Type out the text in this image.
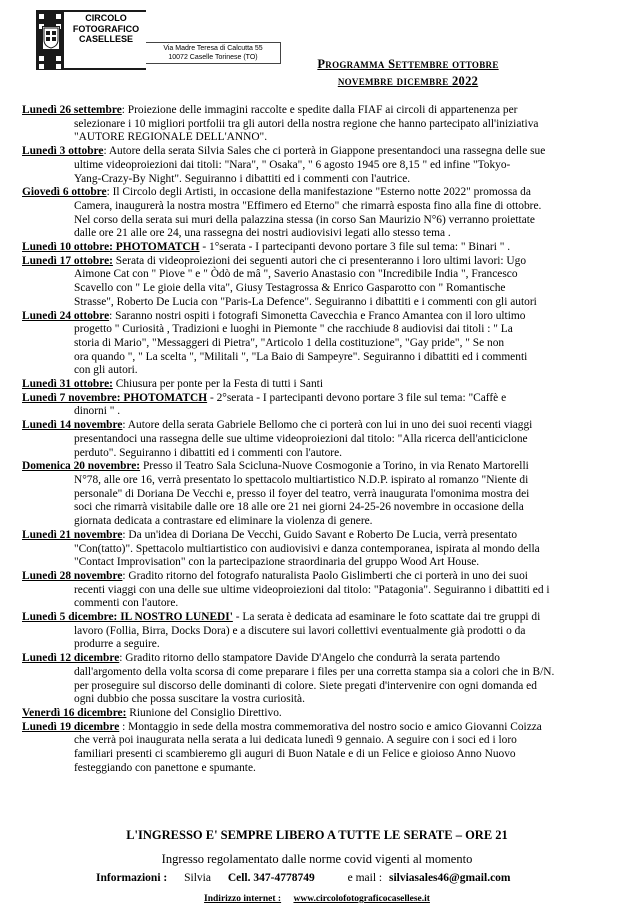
CIRCOLO
FOTOGRAFICO
CASELLESE
Via Madre Teresa di Calcutta 55
10072 Caselle Torinese (TO)	Programma Settembre ottobre
novembre dicembre 2022
Lunedì 26 settembre: Proiezione delle immagini raccolte e spedite dalla FIAF ai circoli di appartenenza per
selezionare i 10 migliori portfolii tra gli autori della nostra regione che hanno partecipato all'iniziativa
"AUTORE REGIONALE DELL'ANNO".
Lunedì 3 ottobre: Autore della serata Silvia Sales che ci porterà in Giappone presentandoci una rassegna delle sue
ultime videoproiezioni dai titoli: "Nara", " Osaka", " 6 agosto 1945 ore 8,15 " ed infine "Tokyo-
Yang-Crazy-By Night". Seguiranno i dibattiti ed i commenti con l'autrice.
Giovedì 6 ottobre: Il Circolo degli Artisti, in occasione della manifestazione "Esterno notte 2022" promossa da
Camera, inaugurerà la nostra mostra "Effimero ed Eterno" che rimarrà esposta fino alla fine di ottobre.
Nel corso della serata sui muri della palazzina stessa (in corso San Maurizio N°6) verranno proiettate
dalle ore 21 alle ore 24, una rassegna dei nostri audiovisivi legati allo stesso tema .
Lunedì 10 ottobre: PHOTOMATCH - 1°serata - I partecipanti devono portare 3 file sul tema: " Binari " .
Lunedì 17 ottobre: Serata di videoproiezioni dei seguenti autori che ci presenteranno i loro ultimi lavori: Ugo
Aimone Cat con " Piove " e " Òdò de mâ ", Saverio Anastasio con "Incredibile India ", Francesco
Scavello con " Le gioie della vita", Giusy Testagrossa & Enrico Gasparotto con " Romantische
Strasse", Roberto De Lucia con "Paris-La Defence". Seguiranno i dibattiti e i commenti con gli autori
Lunedì 24 ottobre: Saranno nostri ospiti i fotografi Simonetta Cavecchia e Franco Amantea con il loro ultimo
progetto " Curiosità , Tradizioni e luoghi in Piemonte " che racchiude 8 audiovisi dai titoli : " La
storia di Mario", "Messaggeri di Pietra", "Articolo 1 della costituzione", "Gay pride", " Se non
ora quando ", " La scelta ", "Militali ", "La Baio di Sampeyre". Seguiranno i dibattiti ed i commenti
con gli autori.
Lunedì 31 ottobre: Chiusura per ponte per la Festa di tutti i Santi
Lunedì 7 novembre: PHOTOMATCH - 2°serata - I partecipanti devono portare 3 file sul tema: "Caffè e
dinorni " .
Lunedì 14 novembre: Autore della serata Gabriele Bellomo che ci porterà con lui in uno dei suoi recenti viaggi
presentandoci una rassegna delle sue ultime videoproiezioni dal titolo: "Alla ricerca dell'anticiclone
perduto". Seguiranno i dibattiti ed i commenti con l'autore.
Domenica 20 novembre: Presso il Teatro Sala Scicluna-Nuove Cosmogonie a Torino, in via Renato Martorelli
N°78, alle ore 16, verrà presentato lo spettacolo multiartistico N.D.P. ispirato al romanzo "Niente di
personale" di Doriana De Vecchi e, presso il foyer del teatro, verrà inaugurata l'omonima mostra dei
soci che rimarrà visitabile dalle ore 18 alle ore 21 nei giorni 24-25-26 novembre in occasione della
giornata dedicata a contrastare ed eliminare la violenza di genere.
Lunedì 21 novembre: Da un'idea di Doriana De Vecchi, Guido Savant e Roberto De Lucia, verrà presentato
"Con(tatto)". Spettacolo multiartistico con audiovisivi e danza contemporanea, ispirata al mondo della
"Contact Improvisation" con la partecipazione straordinaria del gruppo Wood Art House.
Lunedì 28 novembre: Gradito ritorno del fotografo naturalista Paolo Gislimberti che ci porterà in uno dei suoi
recenti viaggi con una delle sue ultime videoproiezioni dal titolo: "Patagonia". Seguiranno i dibattiti ed i
commenti con l'autore.
Lunedì 5 dicembre: IL NOSTRO LUNEDI' - La serata è dedicata ad esaminare le foto scattate dai tre gruppi di
lavoro (Follia, Birra, Docks Dora) e a discutere sui lavori collettivi eventualmente già prodotti o da
produrre a seguire.
Lunedì 12 dicembre: Gradito ritorno dello stampatore Davide D'Angelo che condurrà la serata partendo
dall'argomento della volta scorsa di come preparare i files per una corretta stampa sia a colori che in B/N.
per proseguire sul discorso delle dominanti di colore. Siete pregati d'intervenire con ogni domanda ed
ogni dubbio che possa suscitare la vostra curiosità.
Venerdì 16 dicembre: Riunione del Consiglio Direttivo.
Lunedì 19 dicembre : Montaggio in sede della mostra commemorativa del nostro socio e amico Giovanni Coizza
che verrà poi inaugurata nella serata a lui dedicata lunedì 9 gennaio. A seguire con i soci ed i loro
familiari presenti ci scambieremo gli auguri di Buon Natale e di un Felice e gioioso Anno Nuovo
festeggiando con panettone e spumante.
L'INGRESSO E' SEMPRE LIBERO A TUTTE LE SERATE – ORE 21
Ingresso regolamentato dalle norme covid vigenti al momento
Informazioni : Silvia Cell. 347-4778749	e mail : silviasales46@gmail.com
Indirizzo internet : www.circolofotograficocasellese.it
